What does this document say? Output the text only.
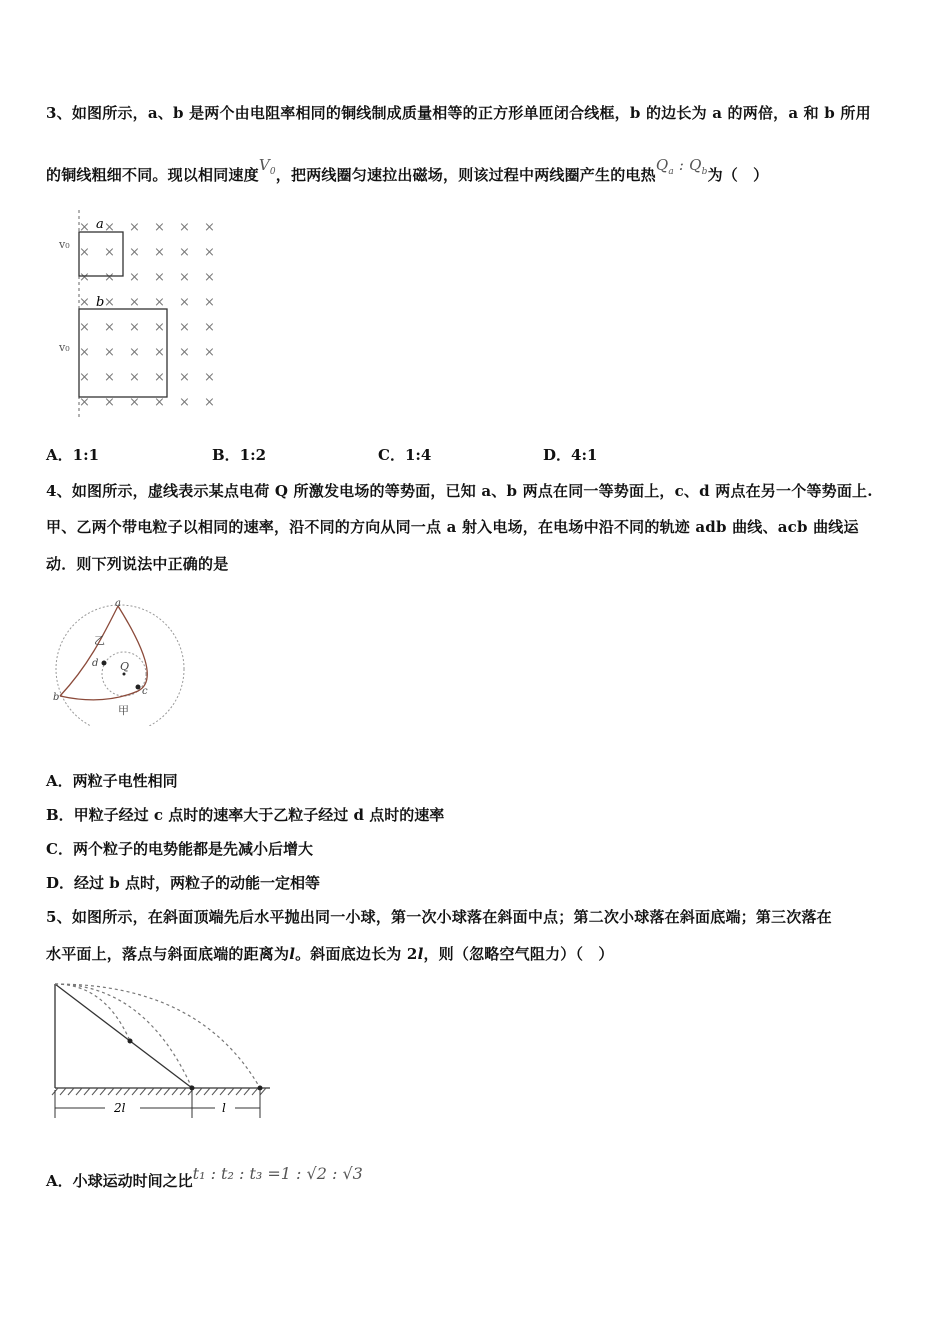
3、如图所示，a、b 是两个由电阻率相同的铜线制成质量相等的正方形单匝闭合线框，b 的边长为 a 的两倍，a 和 b 所用
的铜线粗细不同。现以相同速度$V_0$，把两线圈匀速拉出磁场，则该过程中两线圈产生的电热$Q_a$ : $Q_b$为（　）
× × × × × ×
× × × × × ×
× × × × × ×
× × × × × ×
× × × × × ×
× × × × × ×
× × × × × ×
× × × × × ×
a
b
v₀
v₀
A．1:1	B．1:2	C．1:4	D．4:1
4、如图所示，虚线表示某点电荷 Q 所激发电场的等势面，已知 a、b 两点在同一等势面上，c、d 两点在另一个等势面上.
甲、乙两个带电粒子以相同的速率，沿不同的方向从同一点 a 射入电场，在电场中沿不同的轨迹 adb 曲线、acb 曲线运
动．则下列说法中正确的是
a
b
c
d Q
乙
甲
A．两粒子电性相同
B．甲粒子经过 c 点时的速率大于乙粒子经过 d 点时的速率
C．两个粒子的电势能都是先减小后增大
D．经过 b 点时，两粒子的动能一定相等
5、如图所示，在斜面顶端先后水平抛出同一小球，第一次小球落在斜面中点；第二次小球落在斜面底端；第三次落在
水平面上，落点与斜面底端的距离为l。斜面底边长为 2l，则（忽略空气阻力）（　）
2l	l
A．小球运动时间之比t₁ : t₂ : t₃ =1 : √2 : √3
